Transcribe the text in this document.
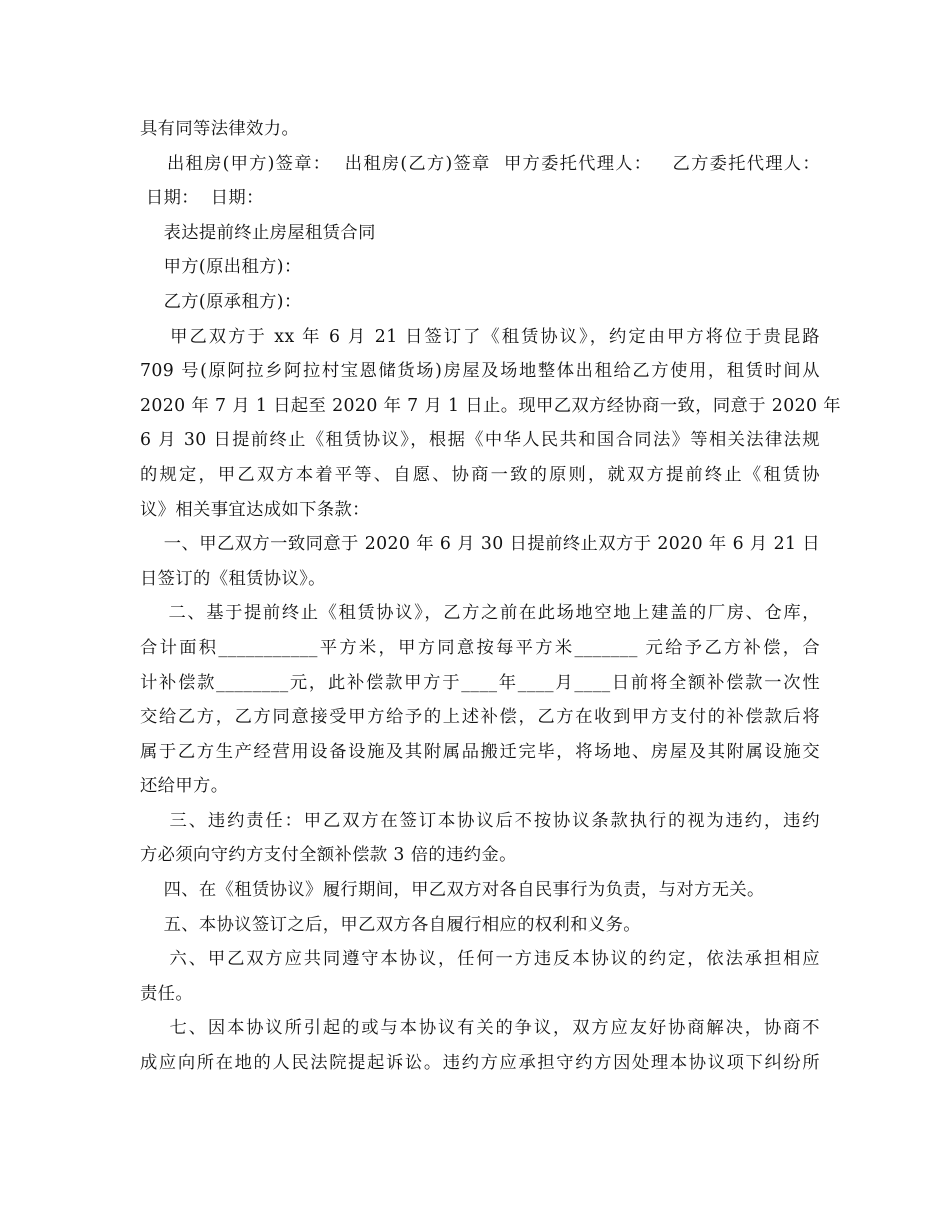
具有同等法律效力。
出租房(甲方)签章：  出租房(乙方)签章  甲方委托代理人：   乙方委托代理人：
日期：  日期：
表达提前终止房屋租赁合同
甲方(原出租方)：
乙方(原承租方)：
甲乙双方于 xx 年 6 月 21 日签订了《租赁协议》，约定由甲方将位于贵昆路
709 号(原阿拉乡阿拉村宝恩储货场)房屋及场地整体出租给乙方使用，租赁时间从
2020 年 7 月 1 日起至 2020 年 7 月 1 日止。现甲乙双方经协商一致，同意于 2020 年
6 月 30 日提前终止《租赁协议》，根据《中华人民共和国合同法》等相关法律法规
的规定，甲乙双方本着平等、自愿、协商一致的原则，就双方提前终止《租赁协
议》相关事宜达成如下条款：
一、甲乙双方一致同意于 2020 年 6 月 30 日提前终止双方于 2020 年 6 月 21 日
日签订的《租赁协议》。
二、基于提前终止《租赁协议》，乙方之前在此场地空地上建盖的厂房、仓库，
合计面积___________平方米，甲方同意按每平方米_______ 元给予乙方补偿，合
计补偿款________元，此补偿款甲方于____年____月____日前将全额补偿款一次性
交给乙方，乙方同意接受甲方给予的上述补偿，乙方在收到甲方支付的补偿款后将
属于乙方生产经营用设备设施及其附属品搬迁完毕，将场地、房屋及其附属设施交
还给甲方。
三、违约责任：甲乙双方在签订本协议后不按协议条款执行的视为违约，违约
方必须向守约方支付全额补偿款 3 倍的违约金。
四、在《租赁协议》履行期间，甲乙双方对各自民事行为负责，与对方无关。
五、本协议签订之后，甲乙双方各自履行相应的权利和义务。
六、甲乙双方应共同遵守本协议，任何一方违反本协议的约定，依法承担相应
责任。
七、因本协议所引起的或与本协议有关的争议，双方应友好协商解决，协商不
成应向所在地的人民法院提起诉讼。违约方应承担守约方因处理本协议项下纠纷所
